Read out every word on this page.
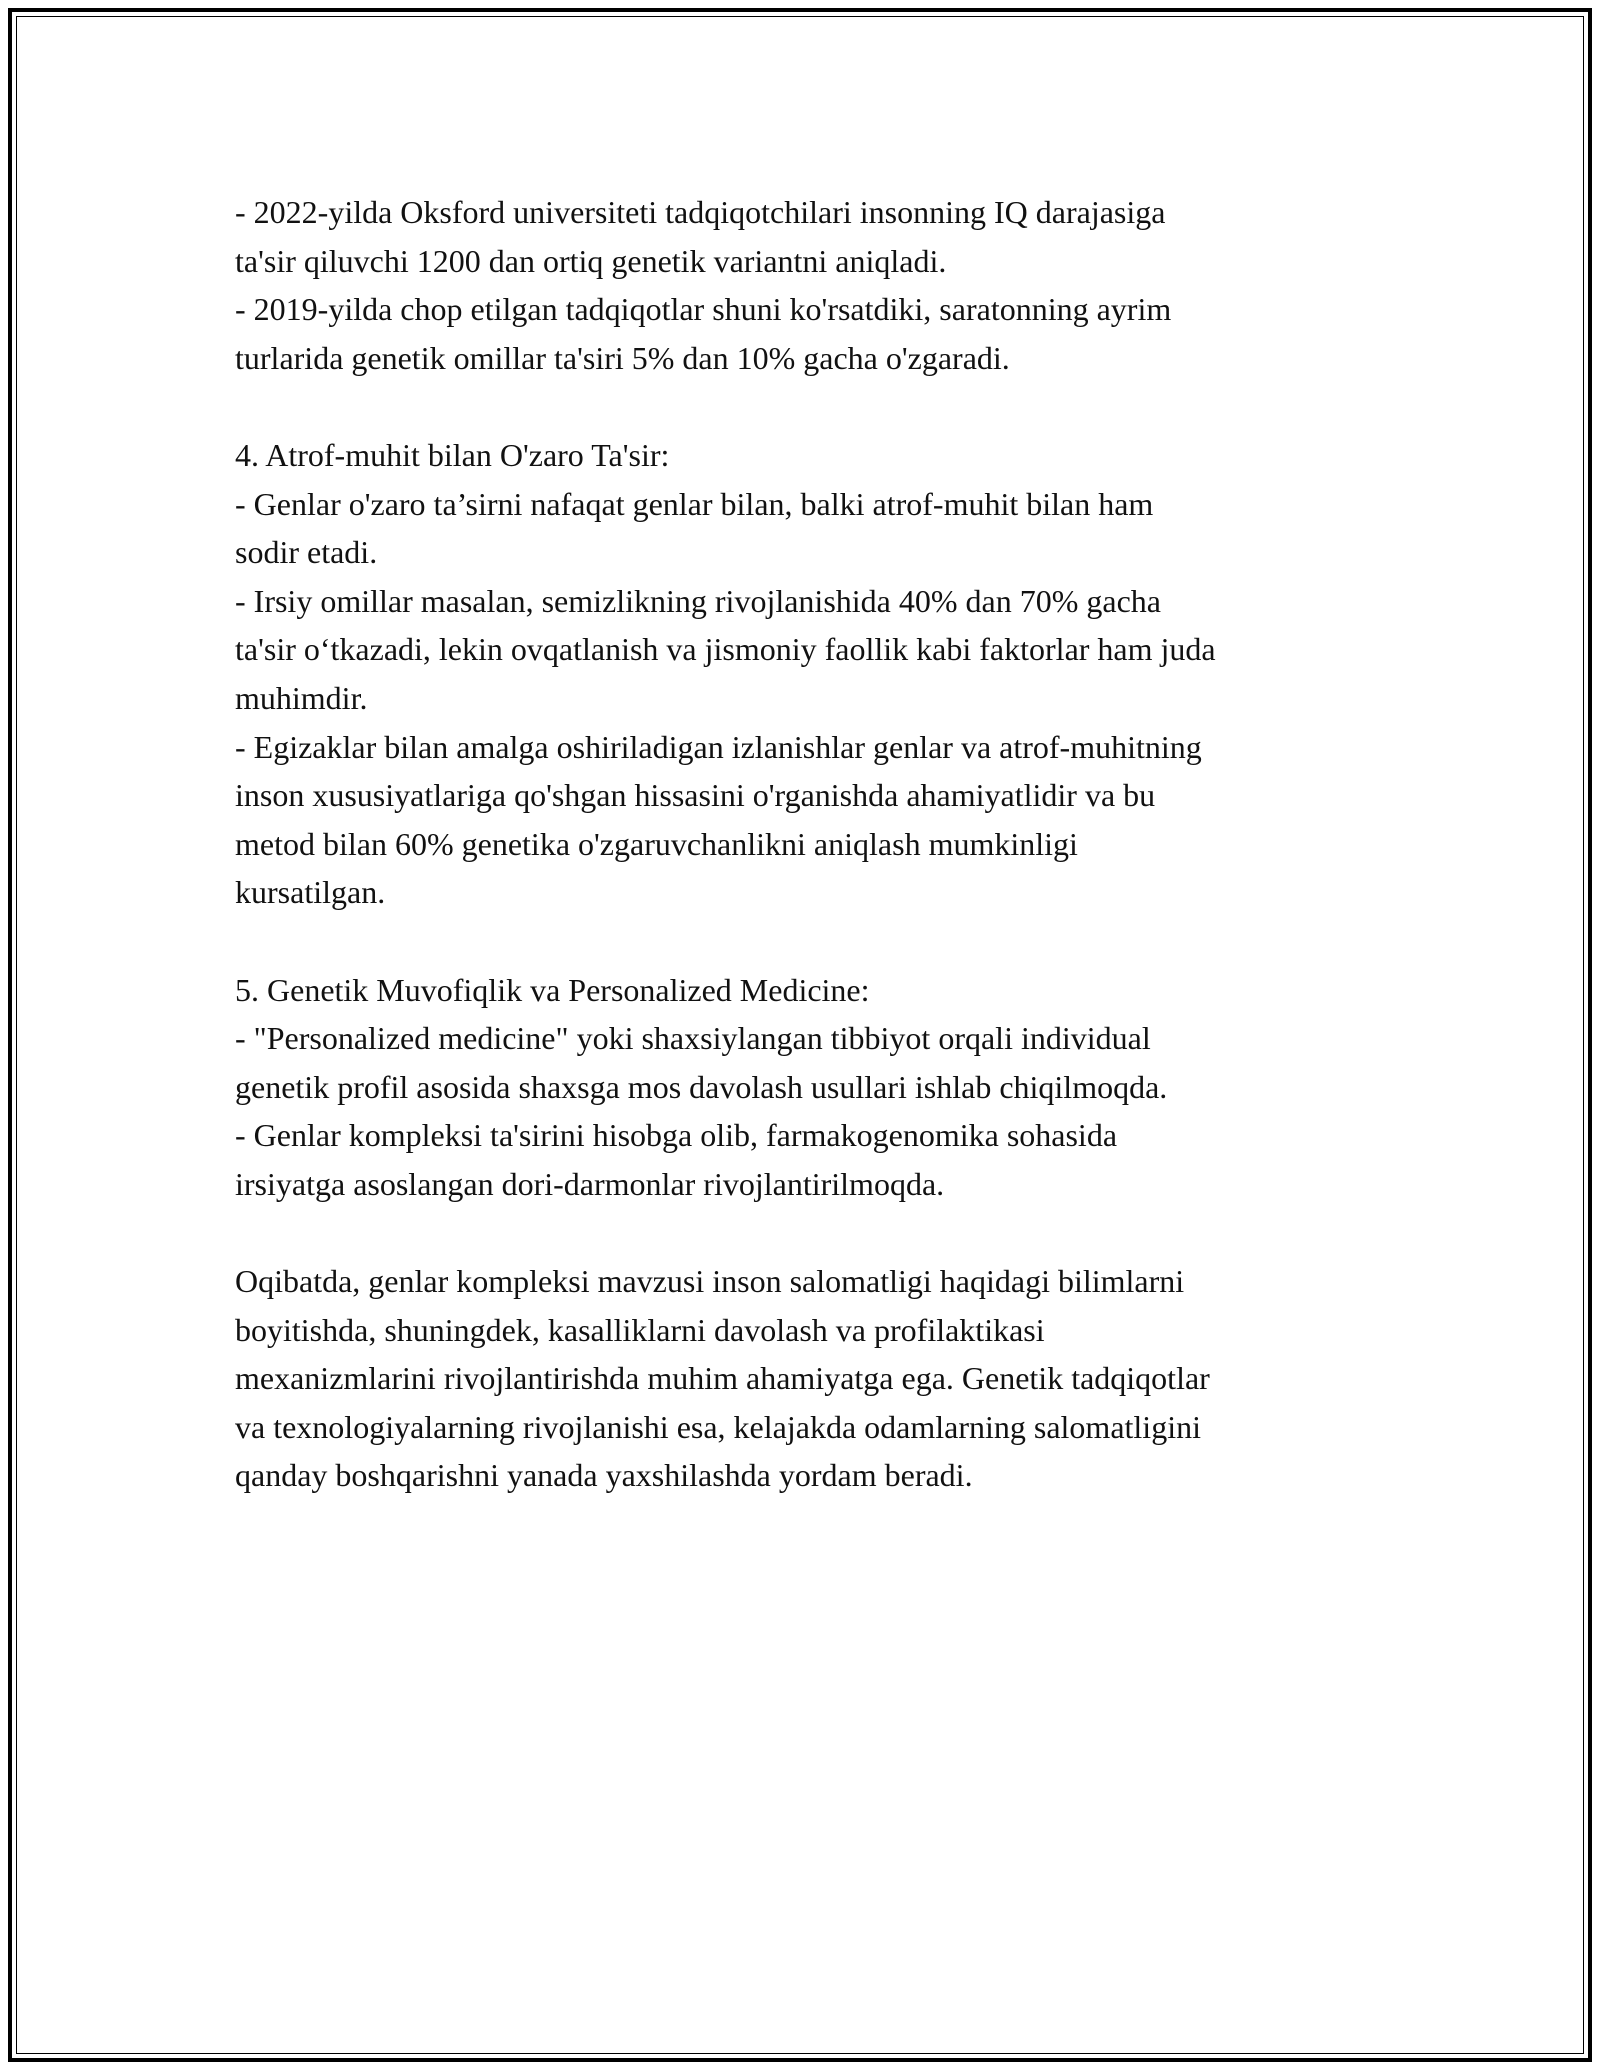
- 2022-yilda Oksford universiteti tadqiqotchilari insonning IQ darajasiga
ta'sir qiluvchi 1200 dan ortiq genetik variantni aniqladi.
- 2019-yilda chop etilgan tadqiqotlar shuni ko'rsatdiki, saratonning ayrim
turlarida genetik omillar ta'siri 5% dan 10% gacha o'zgaradi.

4. Atrof-muhit bilan O'zaro Ta'sir:
- Genlar o'zaro ta’sirni nafaqat genlar bilan, balki atrof-muhit bilan ham
sodir etadi.
- Irsiy omillar masalan, semizlikning rivojlanishida 40% dan 70% gacha
ta'sir o‘tkazadi, lekin ovqatlanish va jismoniy faollik kabi faktorlar ham juda
muhimdir.
- Egizaklar bilan amalga oshiriladigan izlanishlar genlar va atrof-muhitning
inson xususiyatlariga qo'shgan hissasini o'rganishda ahamiyatlidir va bu
metod bilan 60% genetika o'zgaruvchanlikni aniqlash mumkinligi
kursatilgan.

5. Genetik Muvofiqlik va Personalized Medicine:
- "Personalized medicine" yoki shaxsiylangan tibbiyot orqali individual
genetik profil asosida shaxsga mos davolash usullari ishlab chiqilmoqda.
- Genlar kompleksi ta'sirini hisobga olib, farmakogenomika sohasida
irsiyatga asoslangan dori-darmonlar rivojlantirilmoqda.

Oqibatda, genlar kompleksi mavzusi inson salomatligi haqidagi bilimlarni
boyitishda, shuningdek, kasalliklarni davolash va profilaktikasi
mexanizmlarini rivojlantirishda muhim ahamiyatga ega. Genetik tadqiqotlar
va texnologiyalarning rivojlanishi esa, kelajakda odamlarning salomatligini
qanday boshqarishni yanada yaxshilashda yordam beradi.
